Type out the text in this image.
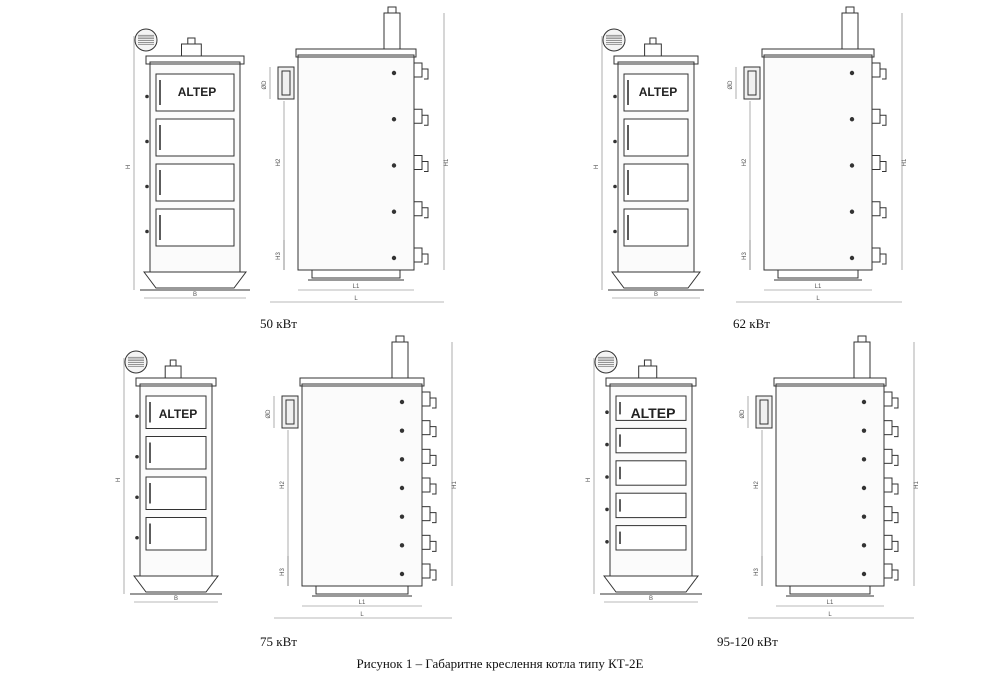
ALTEP
H
B
ØD
H2
H3
H1
L1
L
ALTEP
H
B
ØD
H2
H3
H1
L1
L
ALTEP
H
B
ØD
H2
H3
H1
L1
L
ALTEP
H
B
ØD
H2
H3
H1
L1
L
50 кВт	62 кВт
75 кВт	95-120 кВт
Рисунок 1 – Габаритне креслення котла типу КТ-2Е
